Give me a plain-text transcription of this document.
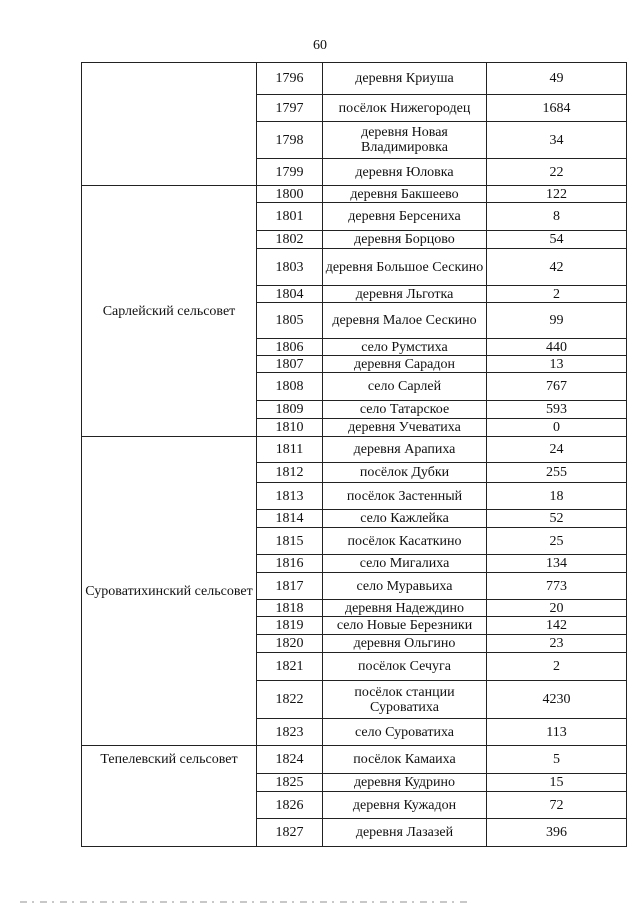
60
	1796	деревня Криуша	49
	1797	посёлок Нижегородец	1684
	1798	деревня Новая Владимировка	34
	1799	деревня Юловка	22
Сарлейский сельсовет	1800	деревня Бакшеево	122
	1801	деревня Берсениха	8
	1802	деревня Борцово	54
	1803	деревня Большое Сескино	42
	1804	деревня Льготка	2
	1805	деревня Малое Сескино	99
	1806	село Румстиха	440
	1807	деревня Сарадон	13
	1808	село Сарлей	767
	1809	село Татарское	593
	1810	деревня Учеватиха	0
Суроватихинский сельсовет	1811	деревня Арапиха	24
	1812	посёлок Дубки	255
	1813	посёлок Застенный	18
	1814	село Кажлейка	52
	1815	посёлок Касаткино	25
	1816	село Мигалиха	134
	1817	село Муравьиха	773
	1818	деревня Надеждино	20
	1819	село Новые Березники	142
	1820	деревня Ольгино	23
	1821	посёлок Сечуга	2
	1822	посёлок станции Суроватиха	4230
	1823	село Суроватиха	113
Тепелевский сельсовет	1824	посёлок Камаиха	5
	1825	деревня Кудрино	15
	1826	деревня Кужадон	72
	1827	деревня Лазазей	396
